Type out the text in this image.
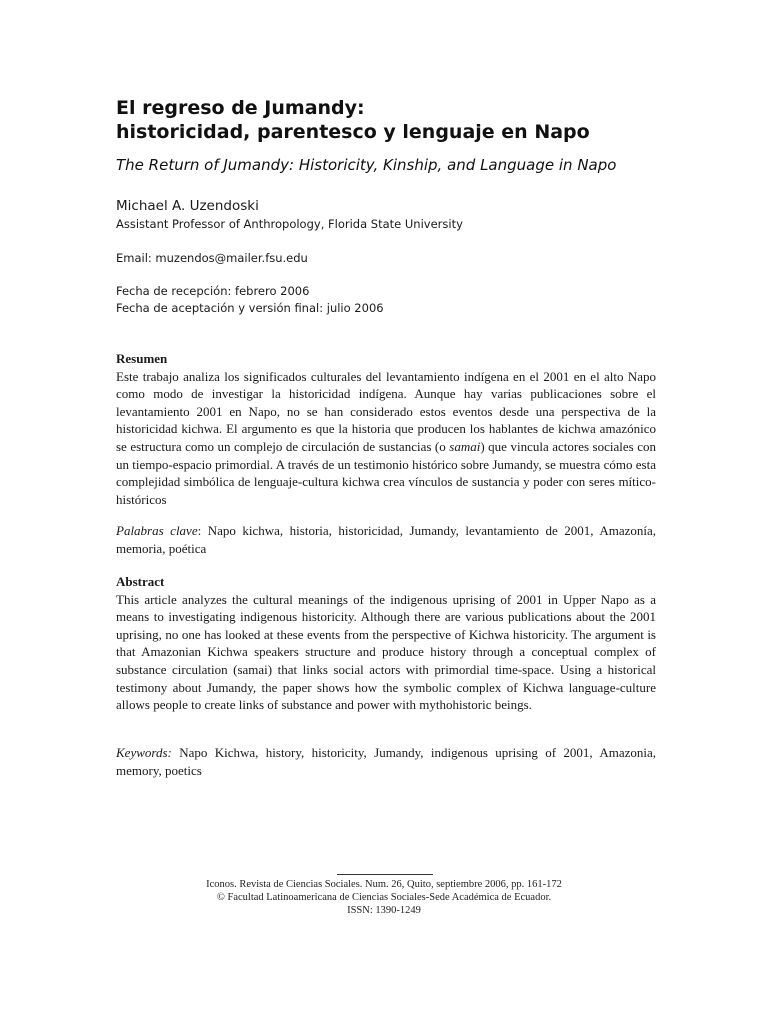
El regreso de Jumandy:
historicidad, parentesco y lenguaje en Napo
The Return of Jumandy: Historicity, Kinship, and Language in Napo
Michael A. Uzendoski
Assistant Professor of Anthropology, Florida State University
Email: muzendos@mailer.fsu.edu
Fecha de recepción: febrero 2006
Fecha de aceptación y versión final: julio 2006
Resumen
Este trabajo analiza los significados culturales del levantamiento indígena en el 2001 en el alto Napo como modo de investigar la historicidad indígena. Aunque hay varias publicaciones sobre el levantamiento 2001 en Napo, no se han considerado estos eventos desde una perspectiva de la historicidad kichwa. El argumento es que la historia que producen los hablantes de kichwa amazónico se estructura como un complejo de circulación de sustancias (o samai) que vincula actores sociales con un tiempo-espacio primordial. A través de un testimonio histórico sobre Jumandy, se muestra cómo esta complejidad simbólica de lenguaje-cultura kichwa crea vínculos de sustancia y poder con seres mítico-históricos
Palabras clave: Napo kichwa, historia, historicidad, Jumandy, levantamiento de 2001, Amazonía, memoria, poética
Abstract
This article analyzes the cultural meanings of the indigenous uprising of 2001 in Upper Napo as a means to investigating indigenous historicity. Although there are various publications about the 2001 uprising, no one has looked at these events from the perspective of Kichwa historicity. The argument is that Amazonian Kichwa speakers structure and produce history through a conceptual complex of substance circulation (samai) that links social actors with primordial time-space. Using a historical testimony about Jumandy, the paper shows how the symbolic complex of Kichwa language-culture allows people to create links of substance and power with mythohistoric beings.
Keywords: Napo Kichwa, history, historicity, Jumandy, indigenous uprising of 2001, Amazonia, memory, poetics
Iconos. Revista de Ciencias Sociales. Num. 26, Quito, septiembre 2006, pp. 161-172
© Facultad Latinoamericana de Ciencias Sociales-Sede Académica de Ecuador.
ISSN: 1390-1249
